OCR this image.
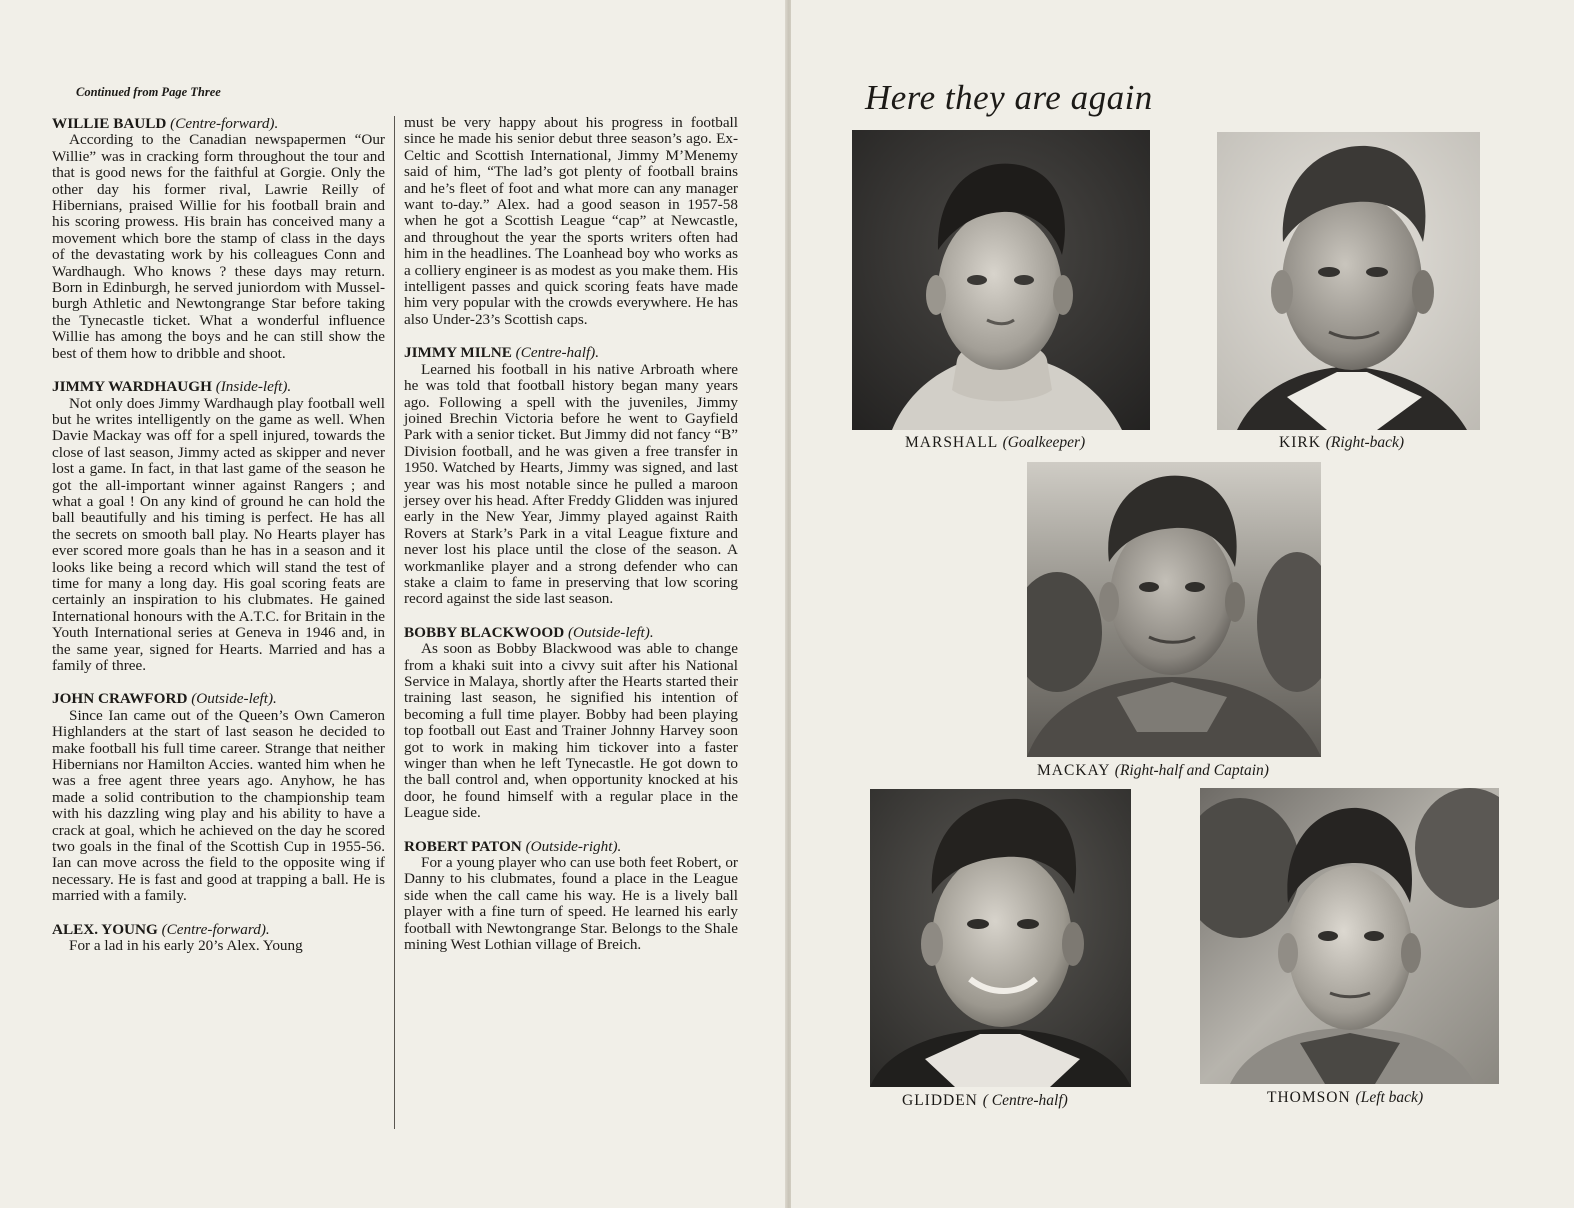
Continued from Page Three

WILLIE BAULD (Centre-forward).

According to the Canadian newspapermen “Our Willie” was in cracking form throughout the tour and that is good news for the faithful at Gorgie. Only the other day his former rival, Lawrie Reilly of Hibernians, praised Willie for his football brain and his scoring prowess. His brain has conceived many a movement which bore the stamp of class in the days of the devastating work by his colleagues Conn and Wardhaugh. Who knows ? these days may return. Born in Edinburgh, he served juniordom with Musselburgh Athletic and Newtongrange Star before taking the Tynecastle ticket. What a wonderful influence Willie has among the boys and he can still show the best of them how to dribble and shoot.

JIMMY WARDHAUGH (Inside-left).

Not only does Jimmy Wardhaugh play football well but he writes intelligently on the game as well. When Davie Mackay was off for a spell injured, towards the close of last season, Jimmy acted as skipper and never lost a game. In fact, in that last game of the season he got the all-important winner against Rangers ; and what a goal ! On any kind of ground he can hold the ball beautifully and his timing is perfect. He has all the secrets on smooth ball play. No Hearts player has ever scored more goals than he has in a season and it looks like being a record which will stand the test of time for many a long day. His goal scoring feats are certainly an inspiration to his clubmates. He gained International honours with the A.T.C. for Britain in the Youth International series at Geneva in 1946 and, in the same year, signed for Hearts. Married and has a family of three.

JOHN CRAWFORD (Outside-left).

Since Ian came out of the Queen’s Own Cameron Highlanders at the start of last season he decided to make football his full time career. Strange that neither Hibernians nor Hamilton Accies. wanted him when he was a free agent three years ago. Anyhow, he has made a solid contribution to the championship team with his dazzling wing play and his ability to have a crack at goal, which he achieved on the day he scored two goals in the final of the Scottish Cup in 1955-56. Ian can move across the field to the opposite wing if necessary. He is fast and good at trapping a ball. He is married with a family.

ALEX. YOUNG (Centre-forward).

For a lad in his early 20’s Alex. Young

must be very happy about his progress in football since he made his senior debut three season’s ago. Ex-Celtic and Scottish International, Jimmy M’Menemy said of him, “The lad’s got plenty of football brains and he’s fleet of foot and what more can any manager want to-day.” Alex. had a good season in 1957-58 when he got a Scottish League “cap” at Newcastle, and throughout the year the sports writers often had him in the headlines. The Loanhead boy who works as a colliery engineer is as modest as you make them. His intelligent passes and quick scoring feats have made him very popular with the crowds everywhere. He has also Under-23’s Scottish caps.

JIMMY MILNE (Centre-half).

Learned his football in his native Arbroath where he was told that football history began many years ago. Following a spell with the juveniles, Jimmy joined Brechin Victoria before he went to Gayfield Park with a senior ticket. But Jimmy did not fancy “B” Division football, and he was given a free transfer in 1950. Watched by Hearts, Jimmy was signed, and last year was his most notable since he pulled a maroon jersey over his head. After Freddy Glidden was injured early in the New Year, Jimmy played against Raith Rovers at Stark’s Park in a vital League fixture and never lost his place until the close of the season. A workmanlike player and a strong defender who can stake a claim to fame in preserving that low scoring record against the side last season.

BOBBY BLACKWOOD (Outside-left).

As soon as Bobby Blackwood was able to change from a khaki suit into a civvy suit after his National Service in Malaya, shortly after the Hearts started their training last season, he signified his intention of becoming a full time player. Bobby had been playing top football out East and Trainer Johnny Harvey soon got to work in making him tickover into a faster winger than when he left Tynecastle. He got down to the ball control and, when opportunity knocked at his door, he found himself with a regular place in the League side.

ROBERT PATON (Outside-right).

For a young player who can use both feet Robert, or Danny to his clubmates, found a place in the League side when the call came his way. He is a lively ball player with a fine turn of speed. He learned his early football with Newtongrange Star. Belongs to the Shale mining West Lothian village of Breich.

Here they are again
MARSHALL (Goalkeeper)	KIRK (Right-back)
MACKAY (Right-half and Captain)
GLIDDEN ( Centre-half)	THOMSON (Left back)
